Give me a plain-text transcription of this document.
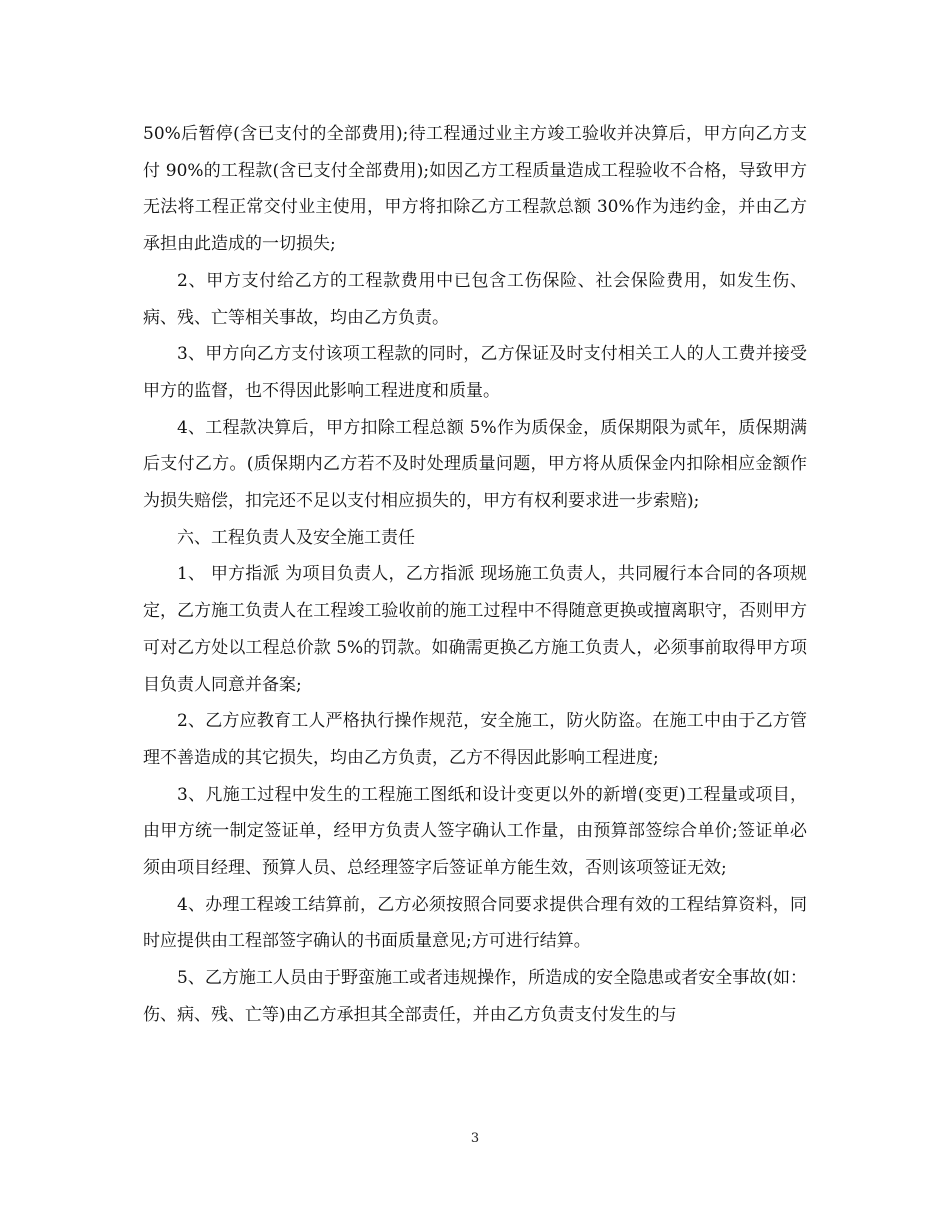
50%后暂停(含已支付的全部费用);待工程通过业主方竣工验收并决算后，甲方向乙方支付 90%的工程款(含已支付全部费用);如因乙方工程质量造成工程验收不合格，导致甲方无法将工程正常交付业主使用，甲方将扣除乙方工程款总额 30%作为违约金，并由乙方承担由此造成的一切损失;

2、甲方支付给乙方的工程款费用中已包含工伤保险、社会保险费用，如发生伤、病、残、亡等相关事故，均由乙方负责。

3、甲方向乙方支付该项工程款的同时，乙方保证及时支付相关工人的人工费并接受甲方的监督，也不得因此影响工程进度和质量。

4、工程款决算后，甲方扣除工程总额 5%作为质保金，质保期限为贰年，质保期满后支付乙方。(质保期内乙方若不及时处理质量问题，甲方将从质保金内扣除相应金额作为损失赔偿，扣完还不足以支付相应损失的，甲方有权利要求进一步索赔);

六、工程负责人及安全施工责任

1、 甲方指派 为项目负责人，乙方指派 现场施工负责人，共同履行本合同的各项规定，乙方施工负责人在工程竣工验收前的施工过程中不得随意更换或擅离职守，否则甲方可对乙方处以工程总价款 5%的罚款。如确需更换乙方施工负责人，必须事前取得甲方项目负责人同意并备案;

2、乙方应教育工人严格执行操作规范，安全施工，防火防盗。在施工中由于乙方管理不善造成的其它损失，均由乙方负责，乙方不得因此影响工程进度;

3、凡施工过程中发生的工程施工图纸和设计变更以外的新增(变更)工程量或项目，由甲方统一制定签证单，经甲方负责人签字确认工作量，由预算部签综合单价;签证单必须由项目经理、预算人员、总经理签字后签证单方能生效，否则该项签证无效;

4、办理工程竣工结算前，乙方必须按照合同要求提供合理有效的工程结算资料，同时应提供由工程部签字确认的书面质量意见;方可进行结算。

5、乙方施工人员由于野蛮施工或者违规操作，所造成的安全隐患或者安全事故(如：伤、病、残、亡等)由乙方承担其全部责任，并由乙方负责支付发生的与

3
